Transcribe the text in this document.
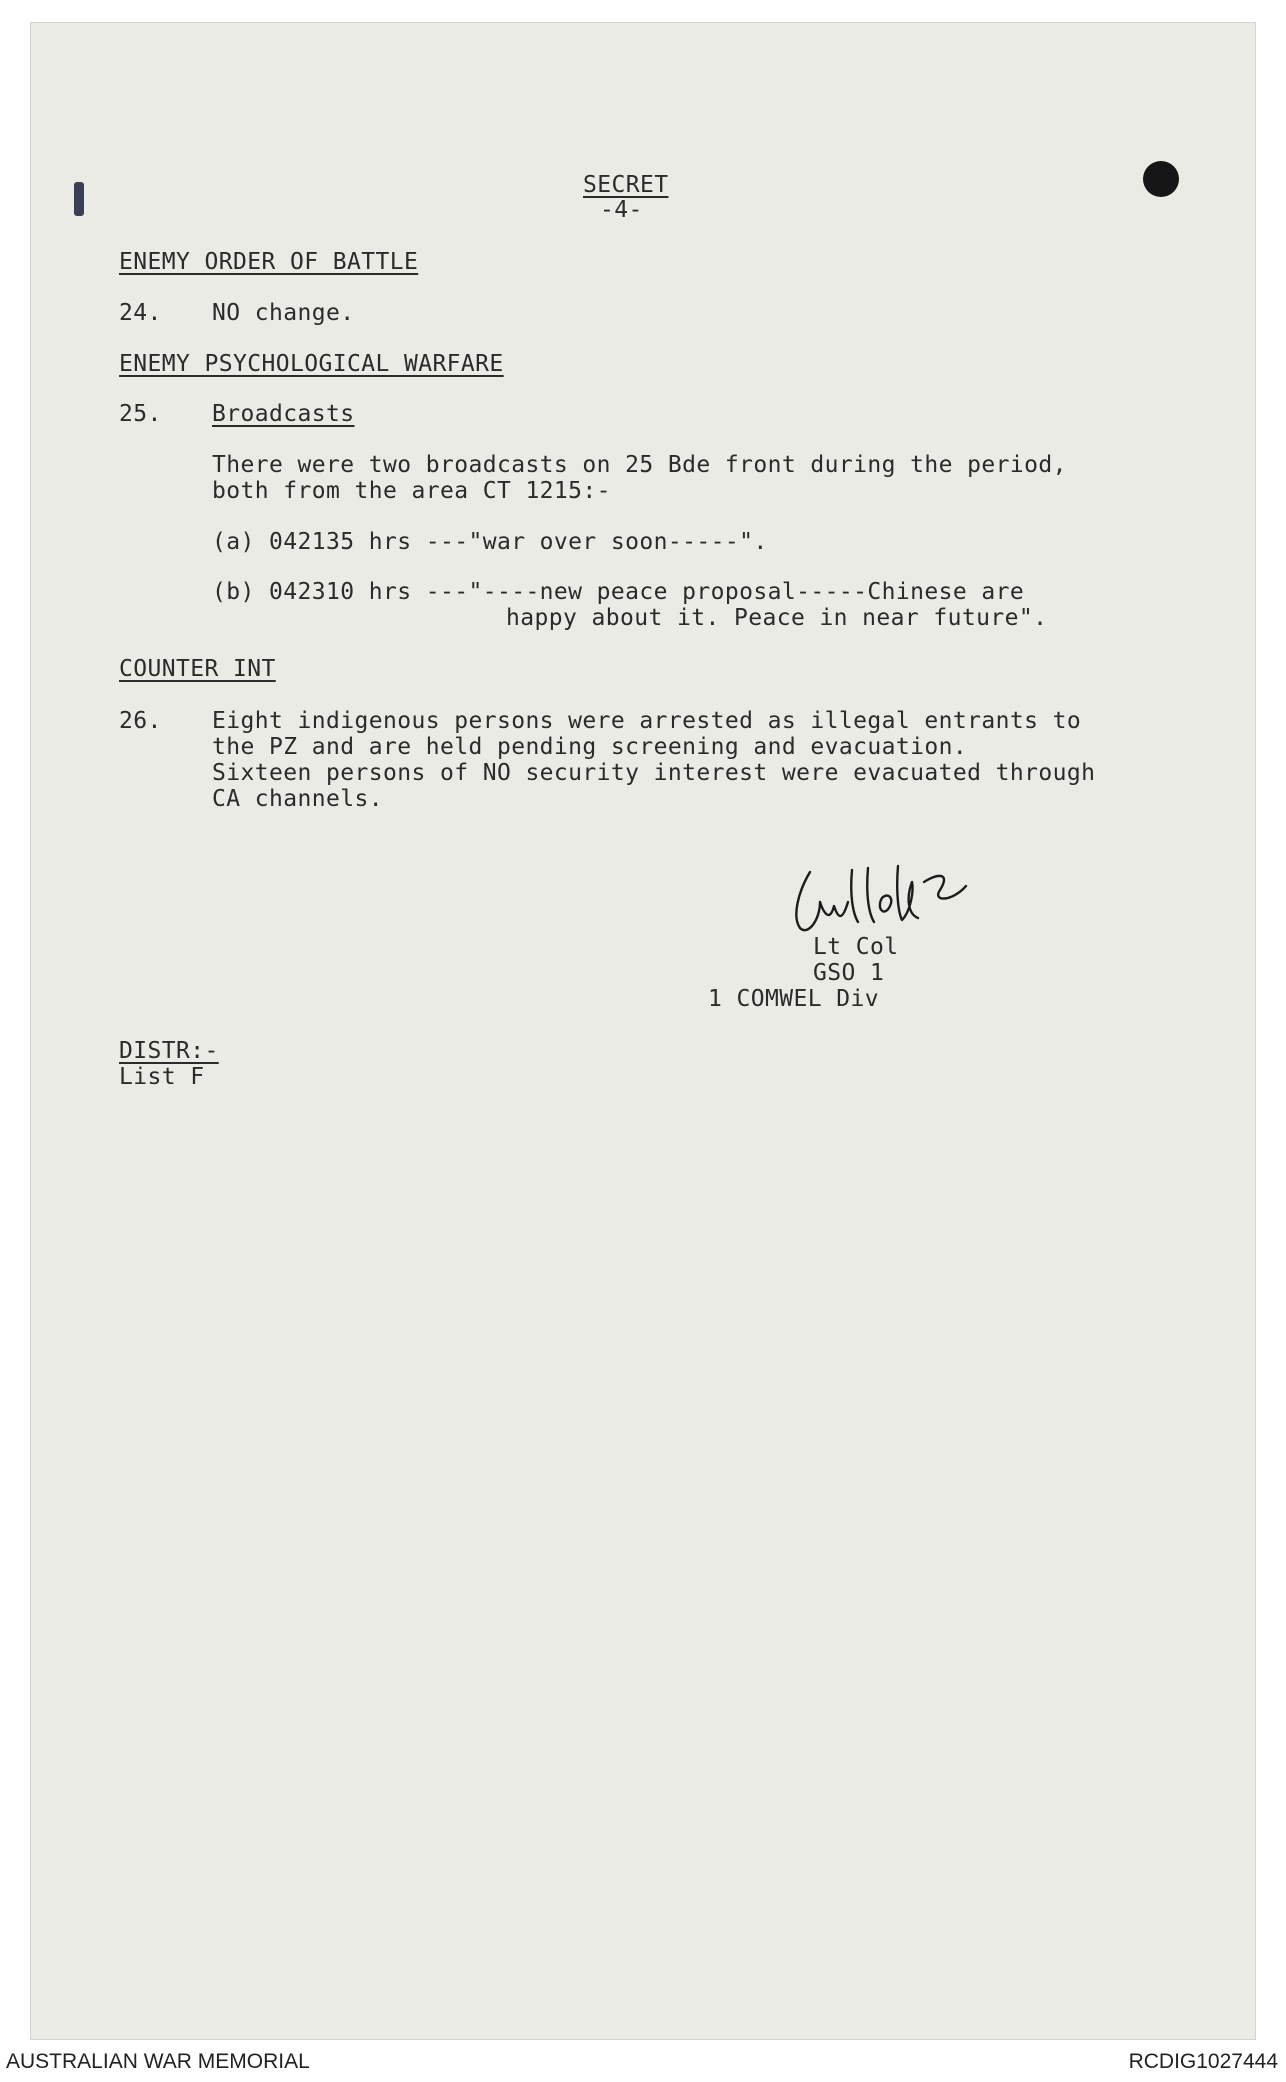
SECRET
-4-
ENEMY ORDER OF BATTLE
24. NO change.
ENEMY PSYCHOLOGICAL WARFARE
25. Broadcasts
There were two broadcasts on 25 Bde front during the period,
both from the area CT 1215:-
(a) 042135 hrs ---"war over soon-----".
(b) 042310 hrs ---"----new peace proposal-----Chinese are
happy about it. Peace in near future".
COUNTER INT
26. Eight indigenous persons were arrested as illegal entrants to
the PZ and are held pending screening and evacuation.
Sixteen persons of NO security interest were evacuated through
CA channels.
Lt Col
GSO 1
1 COMWEL Div
DISTR:-
List F
AUSTRALIAN WAR MEMORIAL	RCDIG1027444
